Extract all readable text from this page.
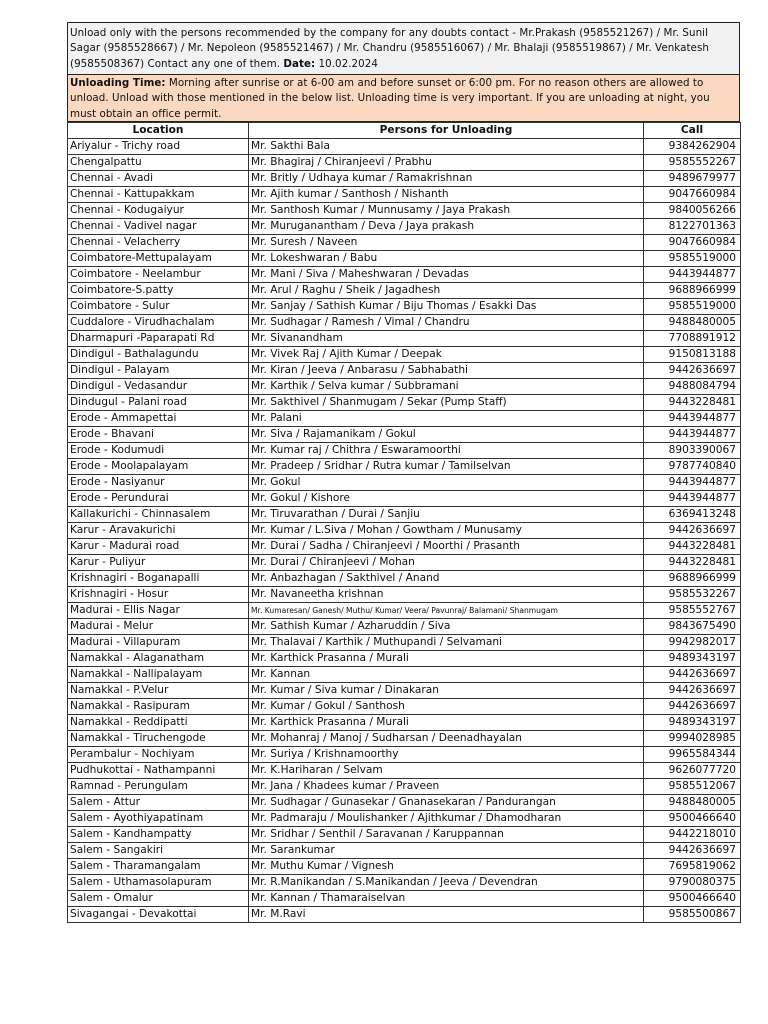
Unload only with the persons recommended by the company for any doubts contact - Mr.Prakash (9585521267) / Mr. Sunil Sagar (9585528667) / Mr. Nepoleon (9585521467) / Mr. Chandru (9585516067) / Mr. Bhalaji (9585519867) / Mr. Venkatesh (9585508367) Contact any one of them. Date: 10.02.2024
Unloading Time: Morning after sunrise or at 6-00 am and before sunset or 6:00 pm. For no reason others are allowed to unload. Unload with those mentioned in the below list. Unloading time is very important. If you are unloading at night, you must obtain an office permit.
Location	Persons for Unloading	Call
Ariyalur - Trichy road	Mr. Sakthi Bala	9384262904
Chengalpattu	Mr. Bhagiraj / Chiranjeevi / Prabhu	9585552267
Chennai - Avadi	Mr. Britly / Udhaya kumar / Ramakrishnan	9489679977
Chennai - Kattupakkam	Mr. Ajith kumar / Santhosh / Nishanth	9047660984
Chennai - Kodugaiyur	Mr. Santhosh Kumar / Munnusamy / Jaya Prakash	9840056266
Chennai - Vadivel nagar	Mr. Muruganantham / Deva / Jaya prakash	8122701363
Chennai - Velacherry	Mr. Suresh / Naveen	9047660984
Coimbatore-Mettupalayam	Mr. Lokeshwaran / Babu	9585519000
Coimbatore - Neelambur	Mr. Mani / Siva / Maheshwaran / Devadas	9443944877
Coimbatore-S.patty	Mr. Arul / Raghu / Sheik / Jagadhesh	9688966999
Coimbatore - Sulur	Mr. Sanjay / Sathish Kumar / Biju Thomas / Esakki Das	9585519000
Cuddalore - Virudhachalam	Mr. Sudhagar / Ramesh / Vimal / Chandru	9488480005
Dharmapuri -Paparapati Rd	Mr. Sivanandham	7708891912
Dindigul - Bathalagundu	Mr. Vivek Raj / Ajith Kumar / Deepak	9150813188
Dindigul - Palayam	Mr. Kiran / Jeeva / Anbarasu / Sabhabathi	9442636697
Dindigul - Vedasandur	Mr. Karthik / Selva kumar / Subbramani	9488084794
Dindugul - Palani road	Mr. Sakthivel / Shanmugam / Sekar (Pump Staff)	9443228481
Erode - Ammapettai	Mr. Palani	9443944877
Erode - Bhavani	Mr. Siva / Rajamanikam / Gokul	9443944877
Erode - Kodumudi	Mr. Kumar raj / Chithra / Eswaramoorthi	8903390067
Erode - Moolapalayam	Mr. Pradeep / Sridhar / Rutra kumar / Tamilselvan	9787740840
Erode - Nasiyanur	Mr. Gokul	9443944877
Erode - Perundurai	Mr. Gokul / Kishore	9443944877
Kallakurichi - Chinnasalem	Mr. Tiruvarathan / Durai / Sanjiu	6369413248
Karur - Aravakurichi	Mr. Kumar / L.Siva / Mohan / Gowtham / Munusamy	9442636697
Karur - Madurai road	Mr. Durai / Sadha / Chiranjeevi / Moorthi / Prasanth	9443228481
Karur - Puliyur	Mr. Durai / Chiranjeevi / Mohan	9443228481
Krishnagiri - Boganapalli	Mr. Anbazhagan / Sakthivel / Anand	9688966999
Krishnagiri - Hosur	Mr. Navaneetha krishnan	9585532267
Madurai - Ellis Nagar	Mr. Kumaresan/ Ganesh/ Muthu/ Kumar/ Veera/ Pavunraj/ Balamani/ Shanmugam	9585552767
Madurai - Melur	Mr. Sathish Kumar / Azharuddin / Siva	9843675490
Madurai - Villapuram	Mr. Thalavai / Karthik / Muthupandi / Selvamani	9942982017
Namakkal - Alaganatham	Mr. Karthick Prasanna / Murali	9489343197
Namakkal - Nallipalayam	Mr. Kannan	9442636697
Namakkal - P.Velur	Mr. Kumar / Siva kumar / Dinakaran	9442636697
Namakkal - Rasipuram	Mr. Kumar / Gokul / Santhosh	9442636697
Namakkal - Reddipatti	Mr. Karthick Prasanna / Murali	9489343197
Namakkal - Tiruchengode	Mr. Mohanraj / Manoj / Sudharsan / Deenadhayalan	9994028985
Perambalur - Nochiyam	Mr. Suriya / Krishnamoorthy	9965584344
Pudhukottai - Nathampanni	Mr. K.Hariharan / Selvam	9626077720
Ramnad - Perungulam	Mr. Jana / Khadees kumar / Praveen	9585512067
Salem - Attur	Mr. Sudhagar / Gunasekar / Gnanasekaran / Pandurangan	9488480005
Salem - Ayothiyapatinam	Mr. Padmaraju / Moulishanker / Ajithkumar / Dhamodharan	9500466640
Salem - Kandhampatty	Mr. Sridhar / Senthil / Saravanan / Karuppannan	9442218010
Salem - Sangakiri	Mr. Sarankumar	9442636697
Salem - Tharamangalam	Mr. Muthu Kumar / Vignesh	7695819062
Salem - Uthamasolapuram	Mr. R.Manikandan / S.Manikandan / Jeeva / Devendran	9790080375
Salem - Omalur	Mr. Kannan / Thamaraiselvan	9500466640
Sivagangai - Devakottai	Mr. M.Ravi	9585500867
